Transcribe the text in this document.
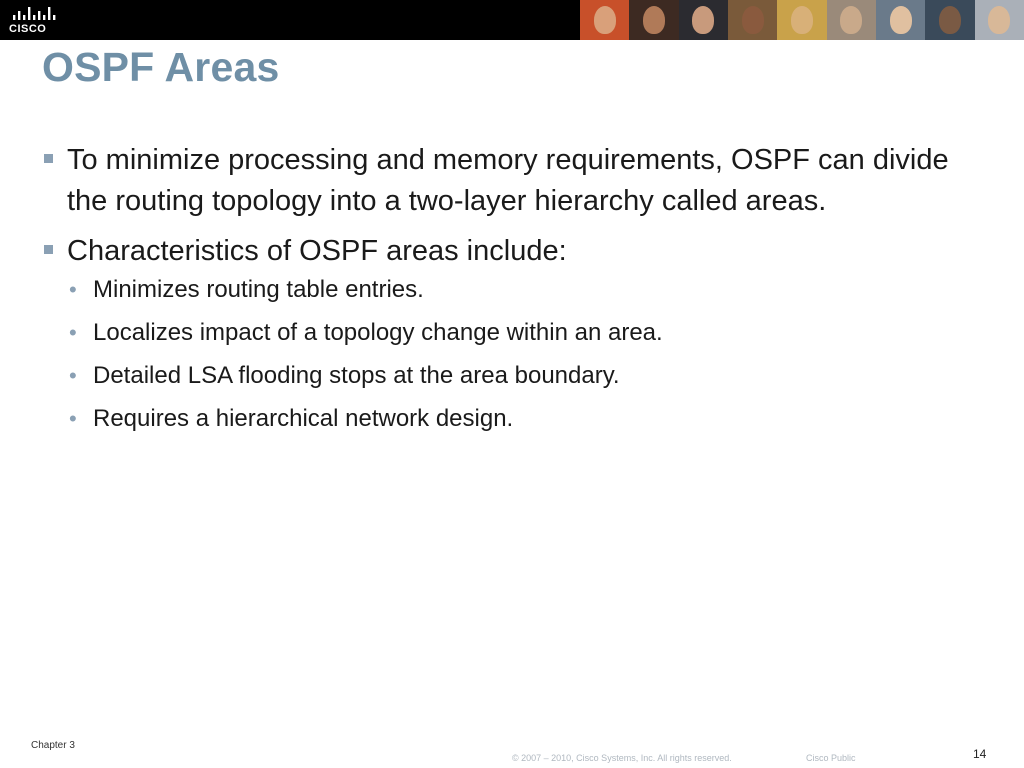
CISCO
OSPF Areas
To minimize processing and memory requirements, OSPF can divide the routing topology into a two-layer hierarchy called areas.
Characteristics of OSPF areas include:
• Minimizes routing table entries.
• Localizes impact of a topology change within an area.
• Detailed LSA flooding stops at the area boundary.
• Requires a hierarchical network design.
Chapter 3
© 2007 – 2010, Cisco Systems, Inc. All rights reserved.	Cisco Public	14
